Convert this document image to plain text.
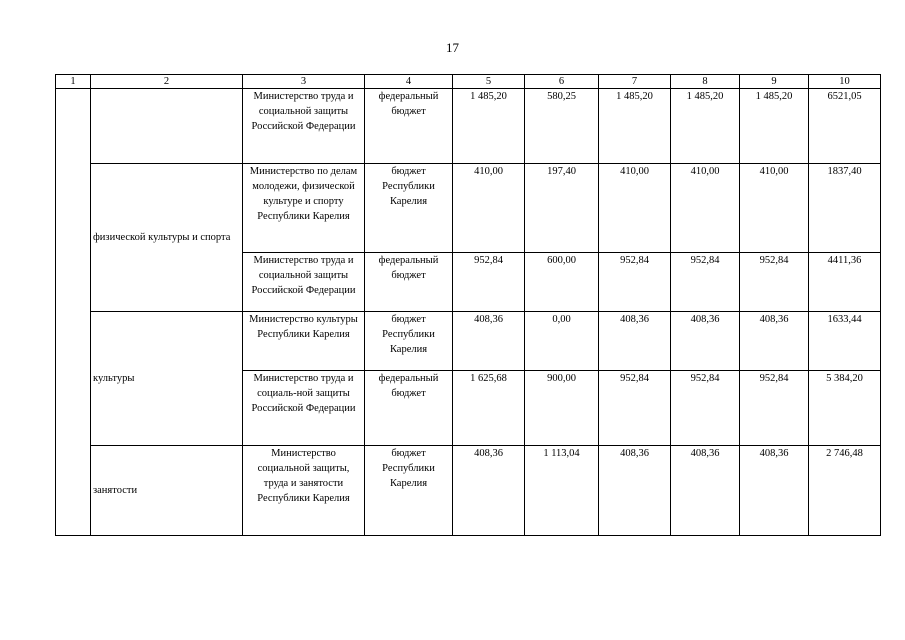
17
1	2	3	4	5	6	7	8	9	10
		Министерство труда и социальной защиты Российской Федерации	федеральный бюджет	1 485,20	580,25	1 485,20	1 485,20	1 485,20	6521,05
	физической культуры и спорта	Министерство по делам молодежи, физической культуре и спорту Республики Карелия	бюджет Республики Карелия	410,00	197,40	410,00	410,00	410,00	1837,40
		Министерство труда и социальной защиты Российской Федерации	федеральный бюджет	952,84	600,00	952,84	952,84	952,84	4411,36
	культуры	Министерство культуры Республики Карелия	бюджет Республики Карелия	408,36	0,00	408,36	408,36	408,36	1633,44
		Министерство труда и социаль-ной защиты Российской Федерации	федеральный бюджет	1 625,68	900,00	952,84	952,84	952,84	5 384,20
	занятости	Министерство социальной защиты, труда и занятости Республики Карелия	бюджет Республики Карелия	408,36	1 113,04	408,36	408,36	408,36	2 746,48
